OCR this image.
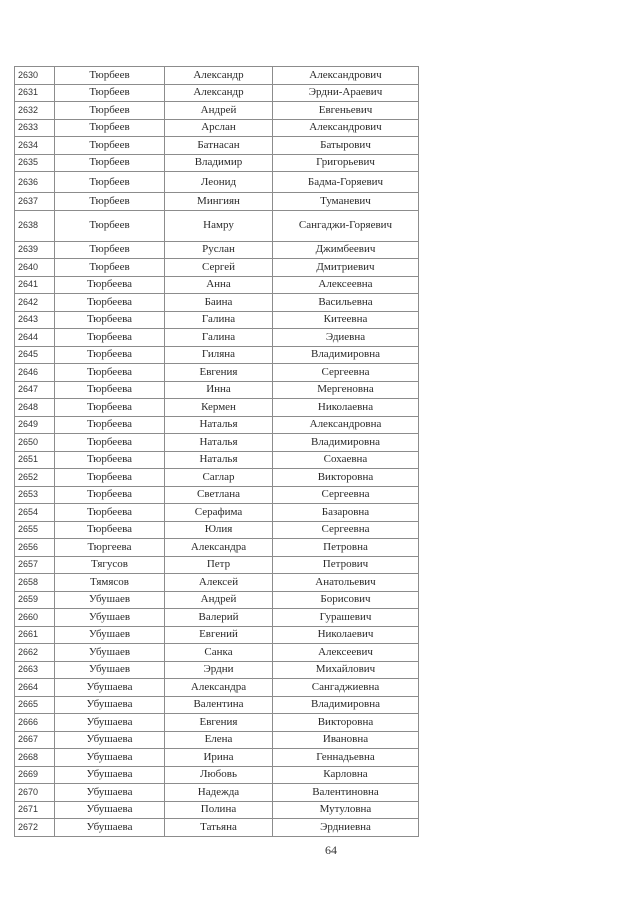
2630	Тюрбеев	Александр	Александрович
2631	Тюрбеев	Александр	Эрдни-Араевич
2632	Тюрбеев	Андрей	Евгеньевич
2633	Тюрбеев	Арслан	Александрович
2634	Тюрбеев	Батнасан	Батырович
2635	Тюрбеев	Владимир	Григорьевич
2636	Тюрбеев	Леонид	Бадма-Горяевич
2637	Тюрбеев	Мингиян	Туманевич
2638	Тюрбеев	Намру	Сангаджи-Горяевич
2639	Тюрбеев	Руслан	Джимбеевич
2640	Тюрбеев	Сергей	Дмитриевич
2641	Тюрбеева	Анна	Алексеевна
2642	Тюрбеева	Баина	Васильевна
2643	Тюрбеева	Галина	Китеевна
2644	Тюрбеева	Галина	Эдиевна
2645	Тюрбеева	Гиляна	Владимировна
2646	Тюрбеева	Евгения	Сергеевна
2647	Тюрбеева	Инна	Мергеновна
2648	Тюрбеева	Кермен	Николаевна
2649	Тюрбеева	Наталья	Александровна
2650	Тюрбеева	Наталья	Владимировна
2651	Тюрбеева	Наталья	Сохаевна
2652	Тюрбеева	Саглар	Викторовна
2653	Тюрбеева	Светлана	Сергеевна
2654	Тюрбеева	Серафима	Базаровна
2655	Тюрбеева	Юлия	Сергеевна
2656	Тюргеева	Александра	Петровна
2657	Тягусов	Петр	Петрович
2658	Тямясов	Алексей	Анатольевич
2659	Убушаев	Андрей	Борисович
2660	Убушаев	Валерий	Гурашевич
2661	Убушаев	Евгений	Николаевич
2662	Убушаев	Санка	Алексеевич
2663	Убушаев	Эрдни	Михайлович
2664	Убушаева	Александра	Сангаджиевна
2665	Убушаева	Валентина	Владимировна
2666	Убушаева	Евгения	Викторовна
2667	Убушаева	Елена	Ивановна
2668	Убушаева	Ирина	Геннадьевна
2669	Убушаева	Любовь	Карловна
2670	Убушаева	Надежда	Валентиновна
2671	Убушаева	Полина	Мутуловна
2672	Убушаева	Татьяна	Эрдниевна
64
